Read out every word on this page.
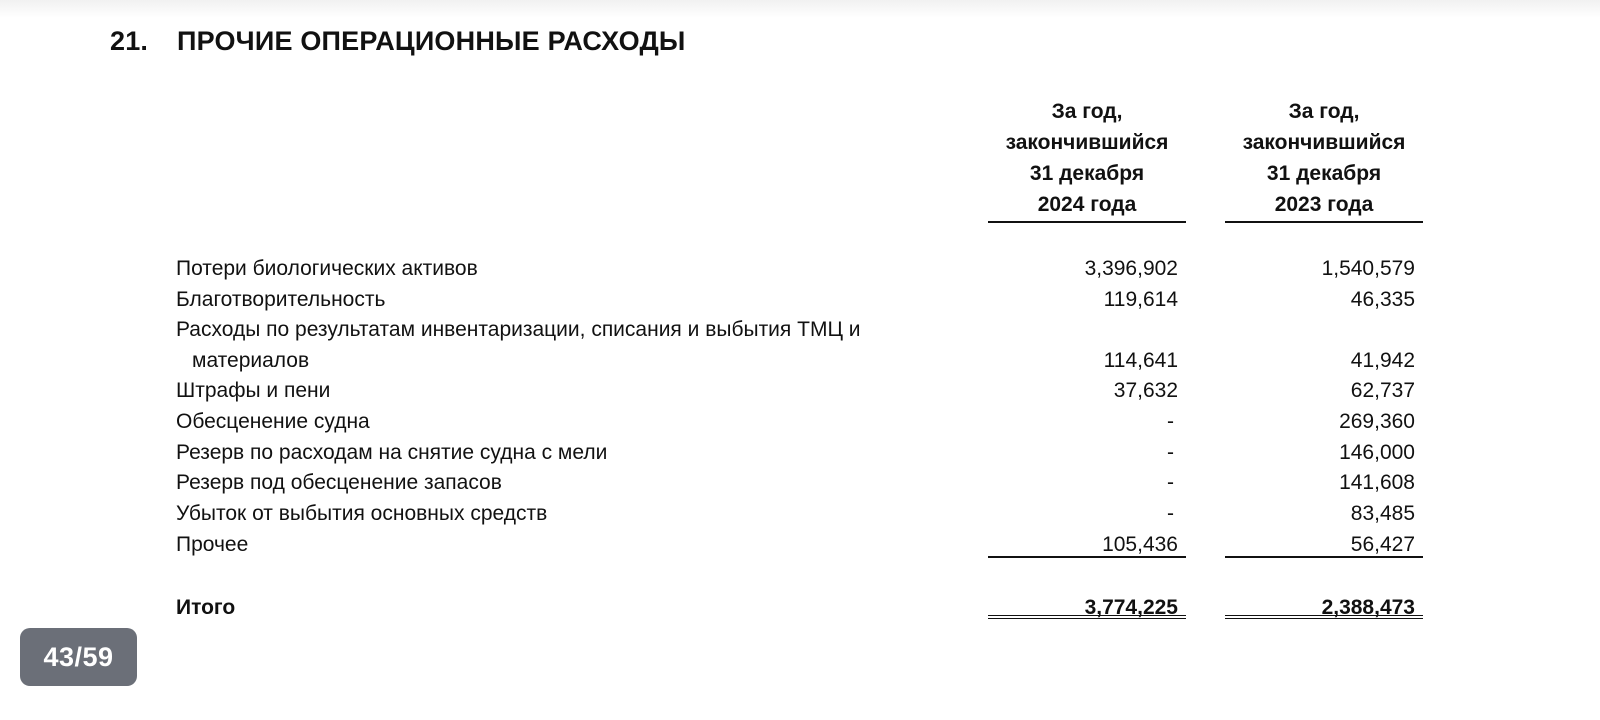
21. ПРОЧИЕ ОПЕРАЦИОННЫЕ РАСХОДЫ
За год,
закончившийся
31 декабря
2024 года
За год,
закончившийся
31 декабря
2023 года
Потери биологических активов	3,396,902	1,540,579
Благотворительность	119,614	46,335
Расходы по результатам инвентаризации, списания и выбытия ТМЦ и
материалов	114,641	41,942
Штрафы и пени	37,632	62,737
Обесценение судна	-	269,360
Резерв по расходам на снятие судна с мели	-	146,000
Резерв под обесценение запасов	-	141,608
Убыток от выбытия основных средств	-	83,485
Прочее	105,436	56,427
Итого	3,774,225	2,388,473
43/59
